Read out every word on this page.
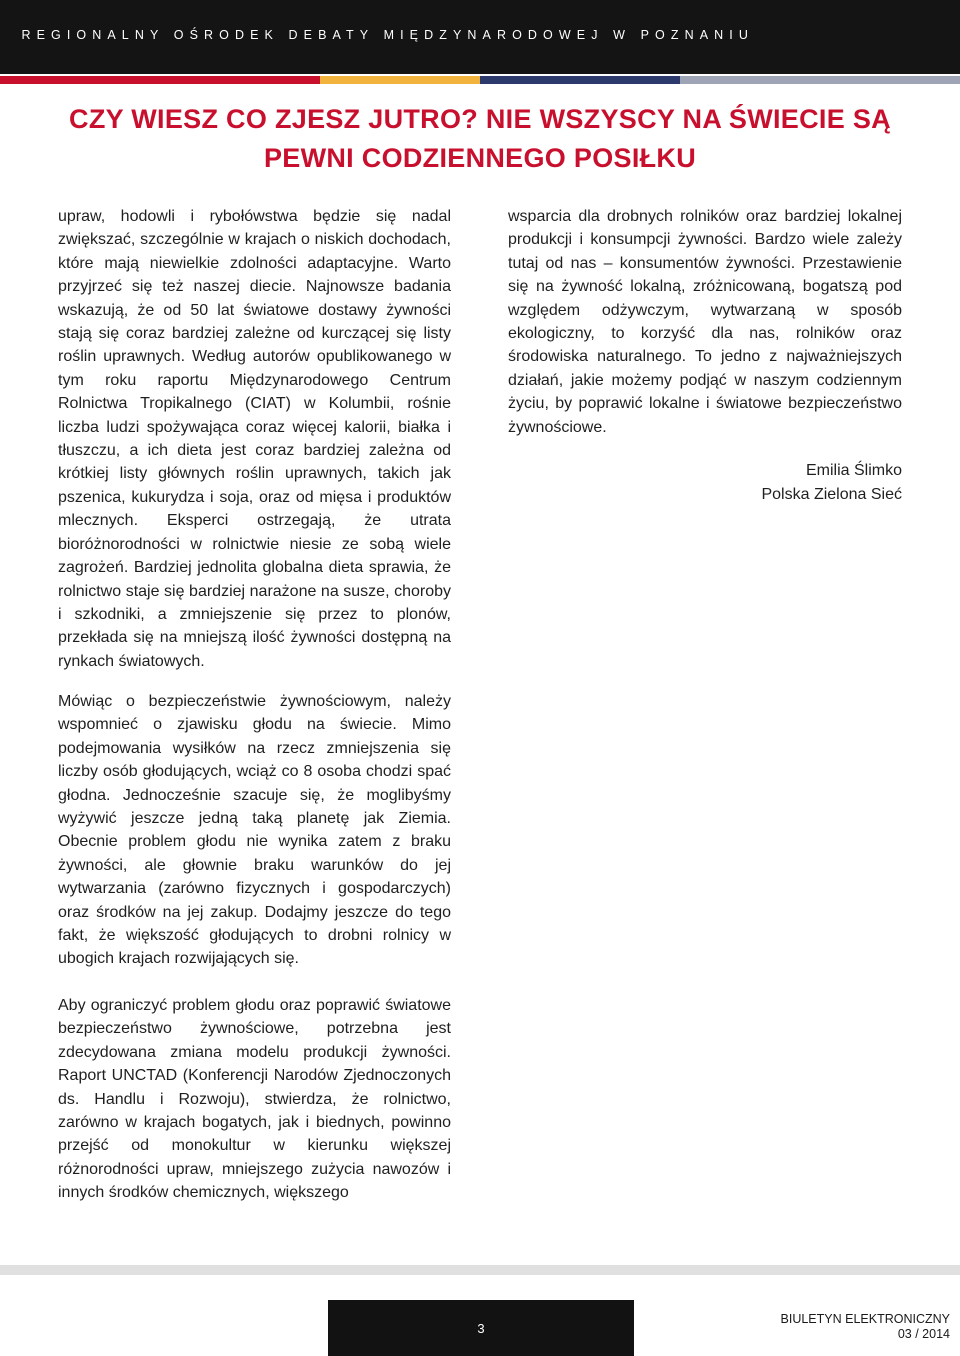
REGIONALNY OŚRODEK DEBATY MIĘDZYNARODOWEJ W POZNANIU
CZY WIESZ CO ZJESZ JUTRO? NIE WSZYSCY NA ŚWIECIE SĄ PEWNI CODZIENNEGO POSIŁKU

upraw, hodowli i rybołówstwa będzie się nadal zwiększać, szczególnie w krajach o niskich dochodach, które mają niewielkie zdolności adaptacyjne. Warto przyjrzeć się też naszej diecie. Najnowsze badania wskazują, że od 50 lat światowe dostawy żywności stają się coraz bardziej zależne od kurczącej się listy roślin uprawnych. Według autorów opublikowanego w tym roku raportu Międzynarodowego Centrum Rolnictwa Tropikalnego (CIAT) w Kolumbii, rośnie liczba ludzi spożywająca coraz więcej kalorii, białka i tłuszczu, a ich dieta jest coraz bardziej zależna od krótkiej listy głównych roślin uprawnych, takich jak pszenica, kukurydza i soja, oraz od mięsa i produktów mlecznych. Eksperci ostrzegają, że utrata bioróżnorodności w rolnictwie niesie ze sobą wiele zagrożeń. Bardziej jednolita globalna dieta sprawia, że rolnictwo staje się bardziej narażone na susze, choroby i szkodniki, a zmniejszenie się przez to plonów, przekłada się na mniejszą ilość żywności dostępną na rynkach światowych.

Mówiąc o bezpieczeństwie żywnościowym, należy wspomnieć o zjawisku głodu na świecie. Mimo podejmowania wysiłków na rzecz zmniejszenia się liczby osób głodujących, wciąż co 8 osoba chodzi spać głodna. Jednocześnie szacuje się, że moglibyśmy wyżywić jeszcze jedną taką planetę jak Ziemia. Obecnie problem głodu nie wynika zatem z braku żywności, ale głownie braku warunków do jej wytwarzania (zarówno fizycznych i gospodarczych) oraz środków na jej zakup. Dodajmy jeszcze do tego fakt, że większość głodujących to drobni rolnicy w ubogich krajach rozwijających się.

Aby ograniczyć problem głodu oraz poprawić światowe bezpieczeństwo żywnościowe, potrzebna jest zdecydowana zmiana modelu produkcji żywności. Raport UNCTAD (Konferencji Narodów Zjednoczonych ds. Handlu i Rozwoju), stwierdza, że rolnictwo, zarówno w krajach bogatych, jak i biednych, powinno przejść od monokultur w kierunku większej różnorodności upraw, mniejszego zużycia nawozów i innych środków chemicznych, większego

wsparcia dla drobnych rolników oraz bardziej lokalnej produkcji i konsumpcji żywności. Bardzo wiele zależy tutaj od nas – konsumentów żywności. Przestawienie się na żywność lokalną, zróżnicowaną, bogatszą pod względem odżywczym, wytwarzaną w sposób ekologiczny, to korzyść dla nas, rolników oraz środowiska naturalnego. To jedno z najważniejszych działań, jakie możemy podjąć w naszym codziennym życiu, by poprawić lokalne i światowe bezpieczeństwo żywnościowe.

Emilia Ślimko
Polska Zielona Sieć
3
BIULETYN ELEKTRONICZNY
03 / 2014
